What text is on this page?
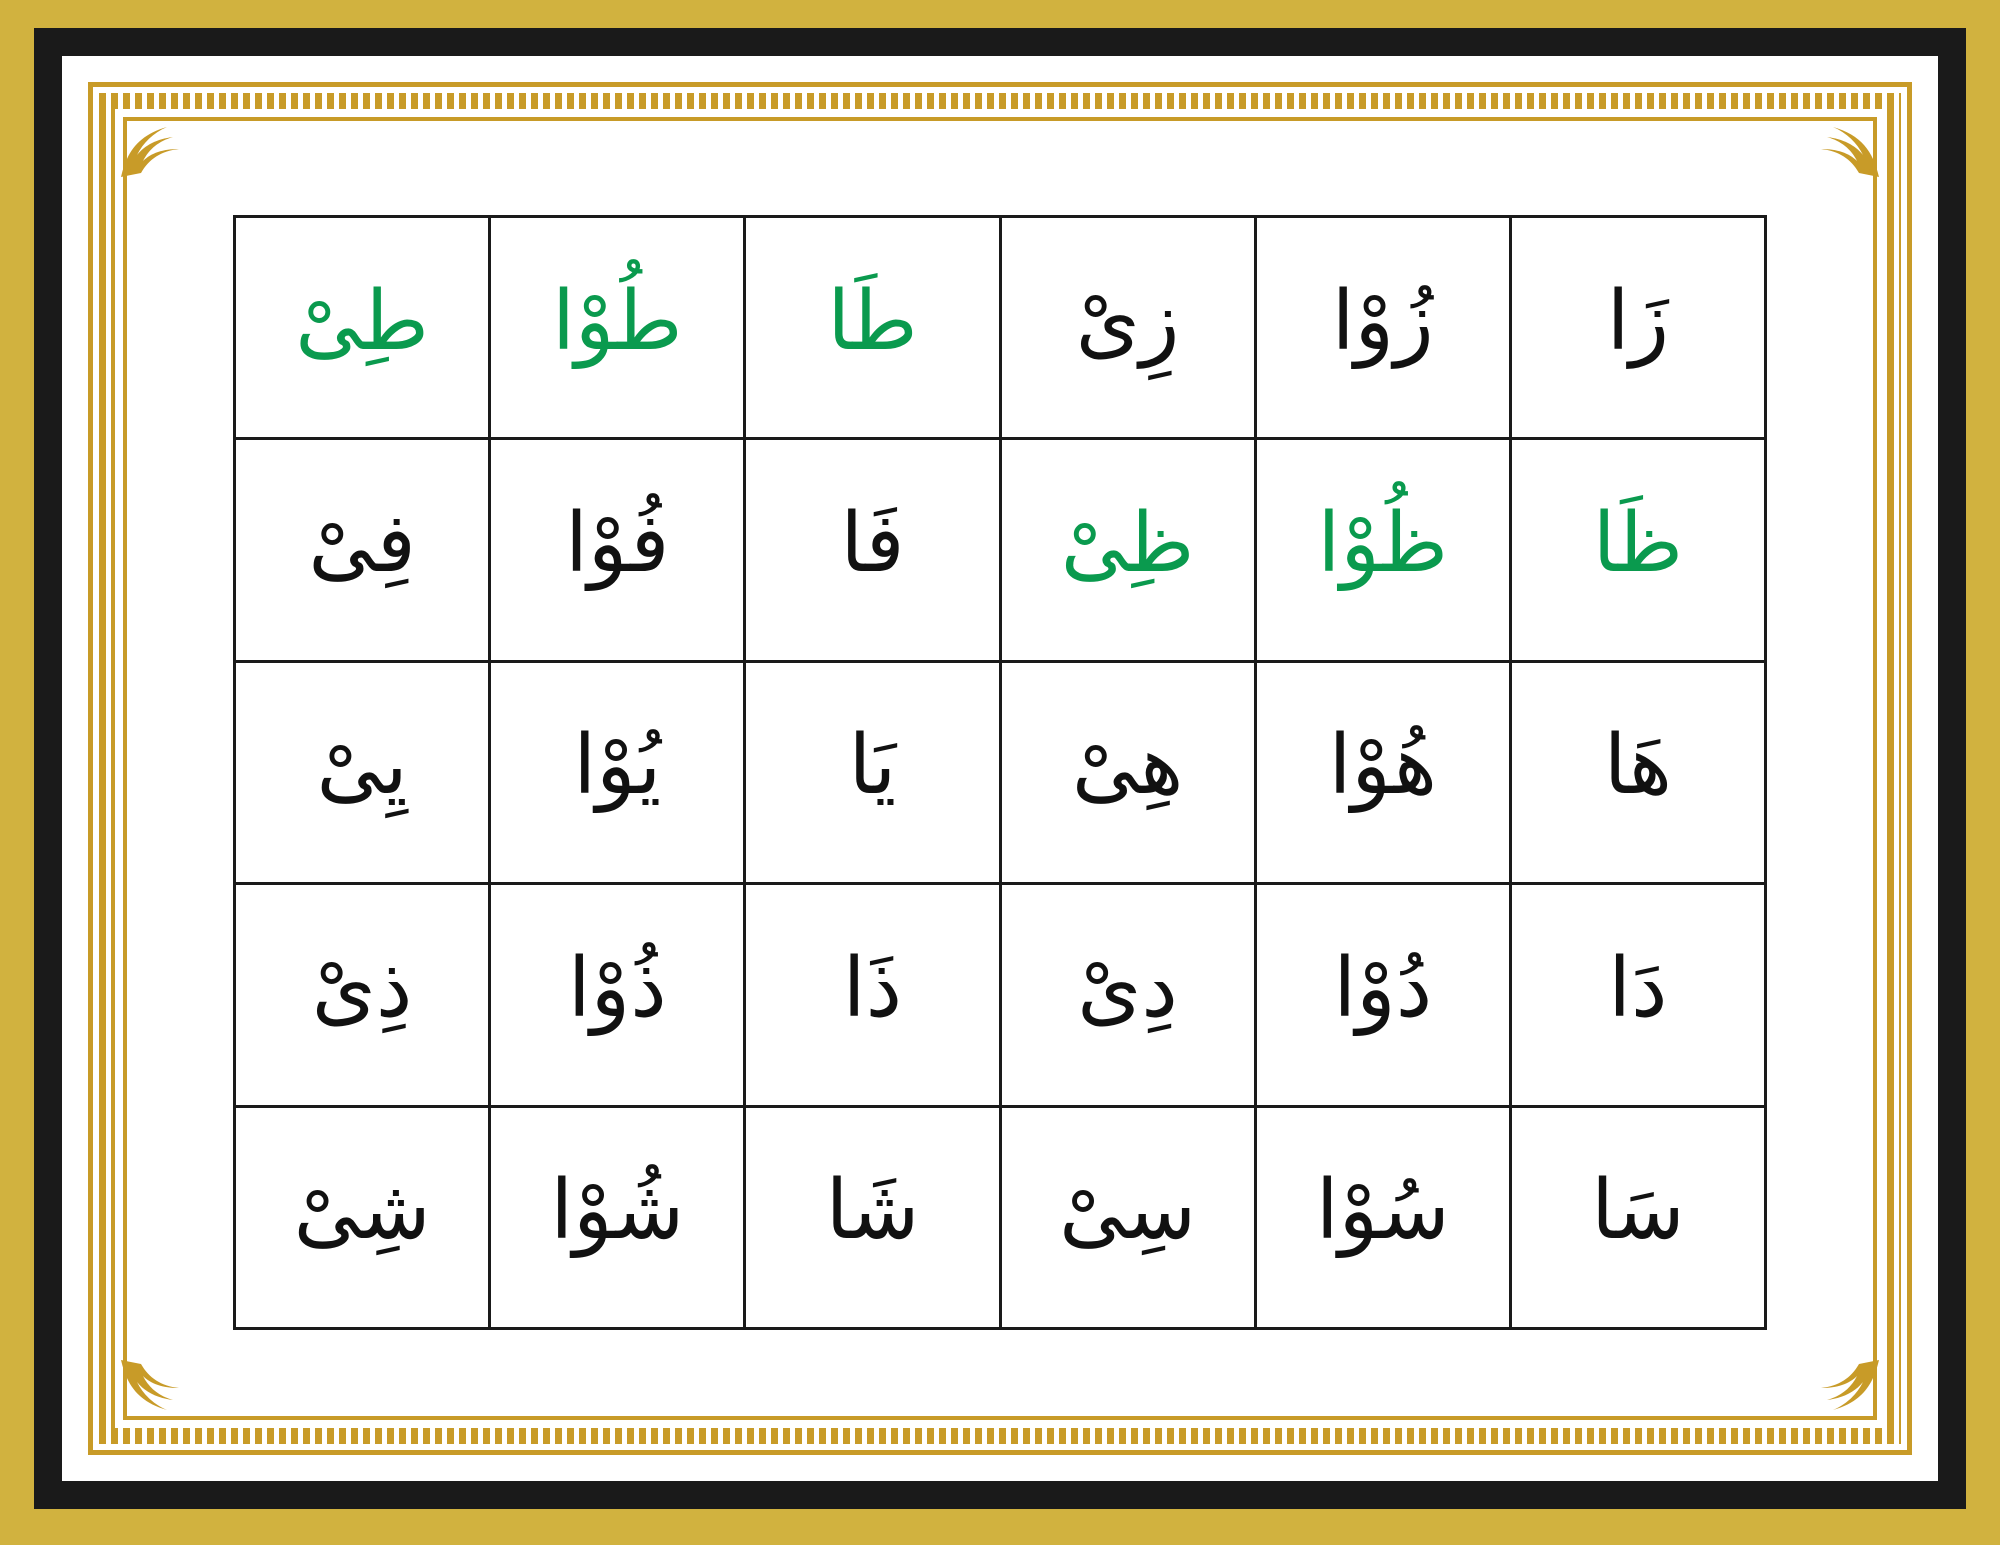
زَا	زُوْا	زِىْ	طَا	طُوْا	طِىْ
ظَا	ظُوْا	ظِىْ	فَا	فُوْا	فِىْ
هَا	هُوْا	هِىْ	يَا	يُوْا	يِىْ
دَا	دُوْا	دِىْ	ذَا	ذُوْا	ذِىْ
سَا	سُوْا	سِىْ	شَا	شُوْا	شِىْ
